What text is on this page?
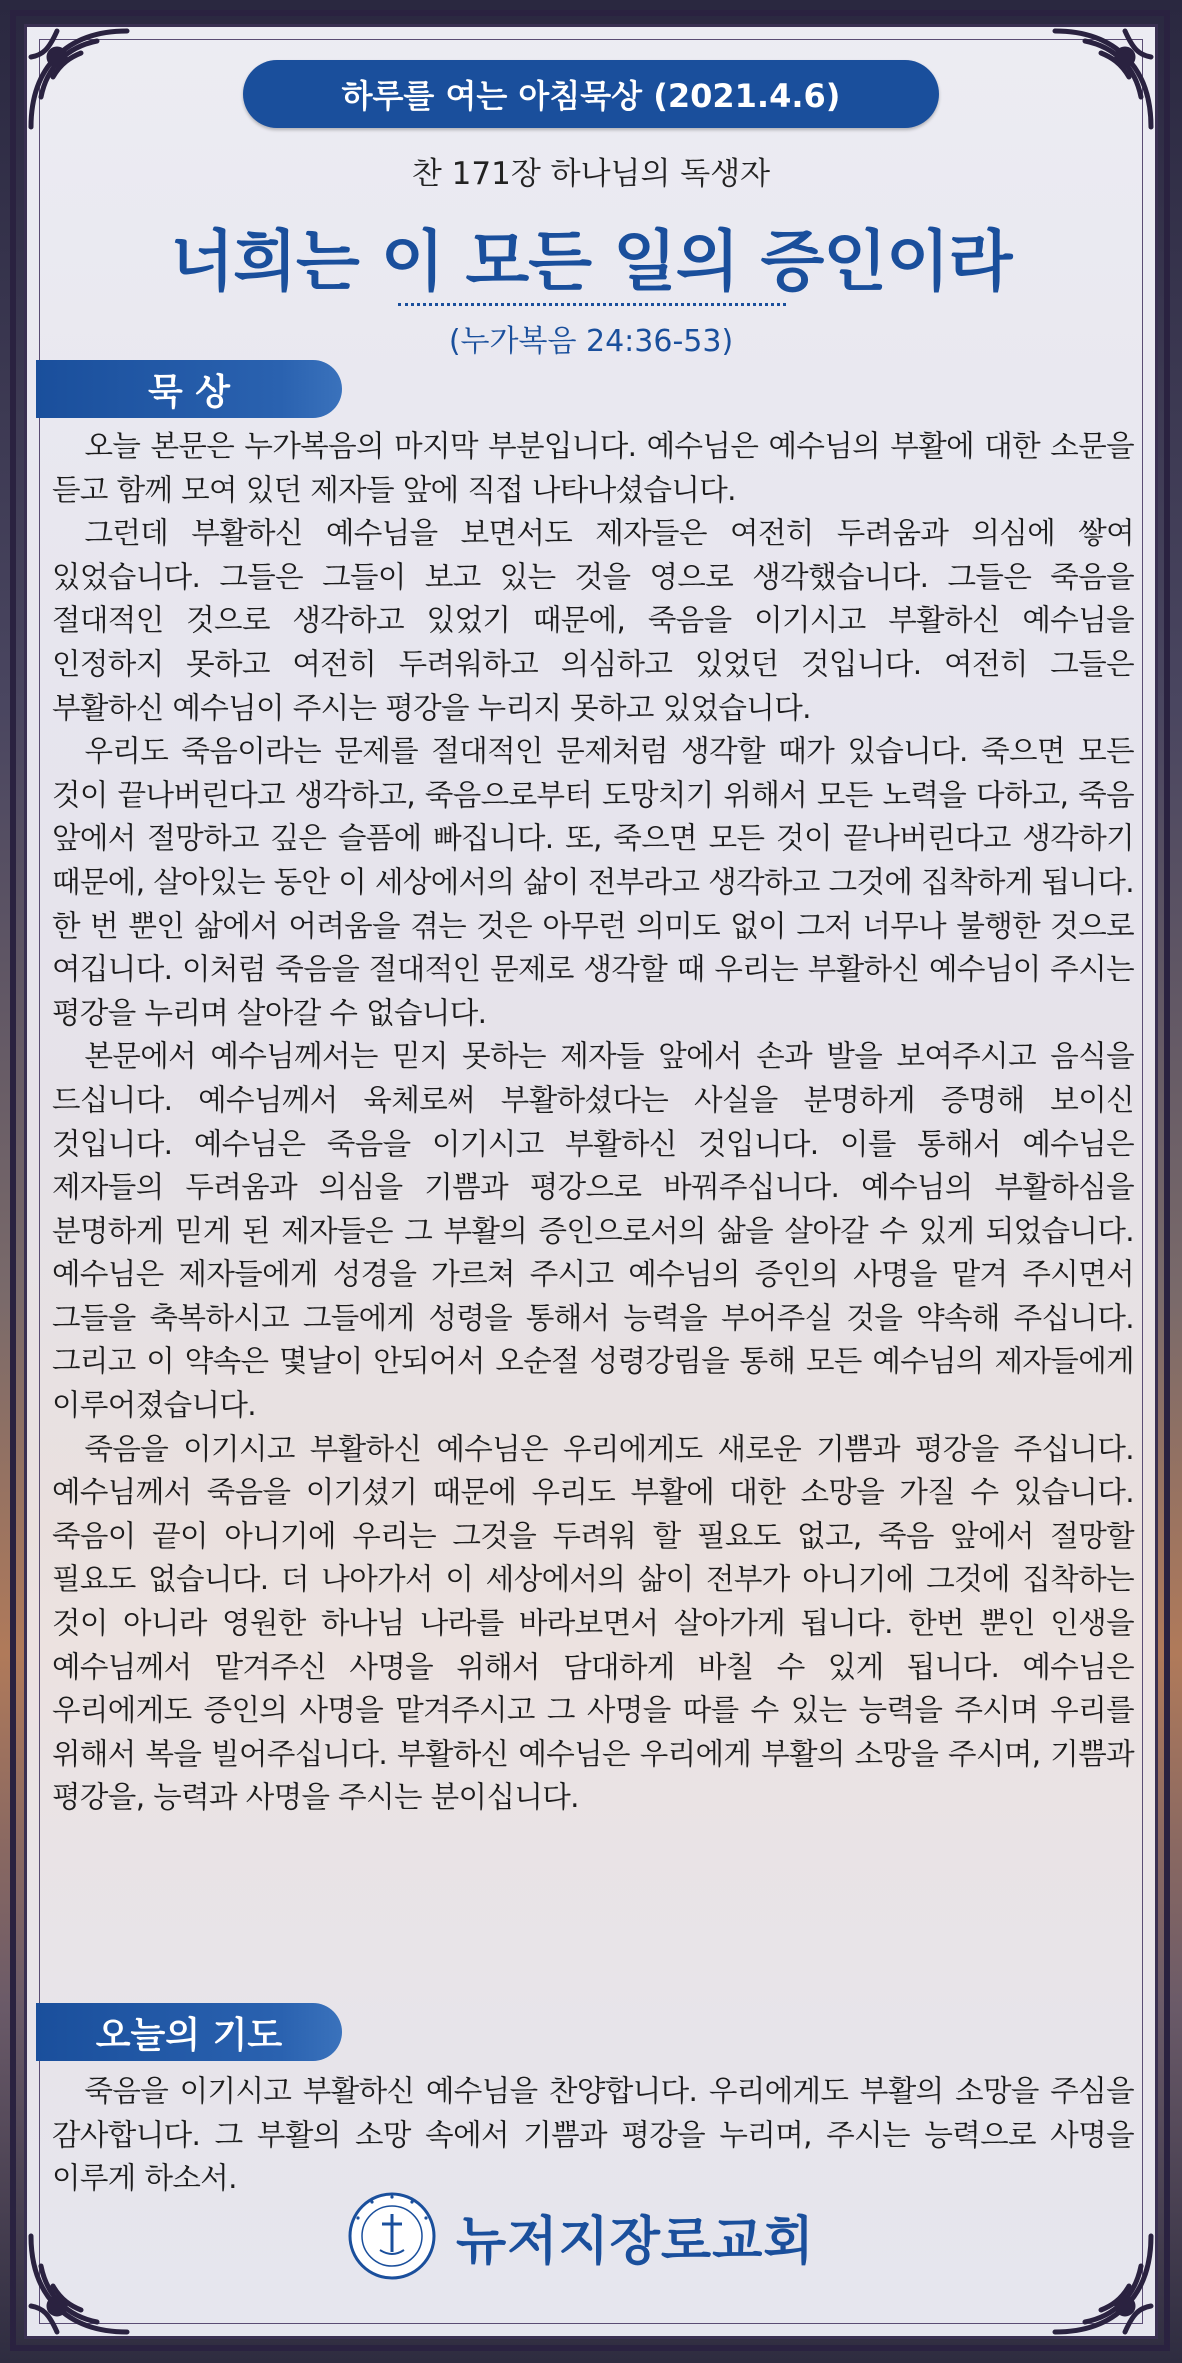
하루를 여는 아침묵상 (2021.4.6)
찬 171장 하나님의 독생자
너희는 이 모든 일의 증인이라
(누가복음 24:36-53)
묵 상

오늘 본문은 누가복음의 마지막 부분입니다. 예수님은 예수님의 부활에 대한 소문을 듣고 함께 모여 있던 제자들 앞에 직접 나타나셨습니다.

그런데 부활하신 예수님을 보면서도 제자들은 여전히 두려움과 의심에 쌓여 있었습니다. 그들은 그들이 보고 있는 것을 영으로 생각했습니다. 그들은 죽음을 절대적인 것으로 생각하고 있었기 때문에, 죽음을 이기시고 부활하신 예수님을 인정하지 못하고 여전히 두려워하고 의심하고 있었던 것입니다. 여전히 그들은 부활하신 예수님이 주시는 평강을 누리지 못하고 있었습니다.

우리도 죽음이라는 문제를 절대적인 문제처럼 생각할 때가 있습니다. 죽으면 모든 것이 끝나버린다고 생각하고, 죽음으로부터 도망치기 위해서 모든 노력을 다하고, 죽음 앞에서 절망하고 깊은 슬픔에 빠집니다. 또, 죽으면 모든 것이 끝나버린다고 생각하기 때문에, 살아있는 동안 이 세상에서의 삶이 전부라고 생각하고 그것에 집착하게 됩니다. 한 번 뿐인 삶에서 어려움을 겪는 것은 아무런 의미도 없이 그저 너무나 불행한 것으로 여깁니다. 이처럼 죽음을 절대적인 문제로 생각할 때 우리는 부활하신 예수님이 주시는 평강을 누리며 살아갈 수 없습니다.

본문에서 예수님께서는 믿지 못하는 제자들 앞에서 손과 발을 보여주시고 음식을 드십니다. 예수님께서 육체로써 부활하셨다는 사실을 분명하게 증명해 보이신 것입니다. 예수님은 죽음을 이기시고 부활하신 것입니다. 이를 통해서 예수님은 제자들의 두려움과 의심을 기쁨과 평강으로 바꿔주십니다. 예수님의 부활하심을 분명하게 믿게 된 제자들은 그 부활의 증인으로서의 삶을 살아갈 수 있게 되었습니다. 예수님은 제자들에게 성경을 가르쳐 주시고 예수님의 증인의 사명을 맡겨 주시면서 그들을 축복하시고 그들에게 성령을 통해서 능력을 부어주실 것을 약속해 주십니다. 그리고 이 약속은 몇날이 안되어서 오순절 성령강림을 통해 모든 예수님의 제자들에게 이루어졌습니다.

죽음을 이기시고 부활하신 예수님은 우리에게도 새로운 기쁨과 평강을 주십니다. 예수님께서 죽음을 이기셨기 때문에 우리도 부활에 대한 소망을 가질 수 있습니다. 죽음이 끝이 아니기에 우리는 그것을 두려워 할 필요도 없고, 죽음 앞에서 절망할 필요도 없습니다. 더 나아가서 이 세상에서의 삶이 전부가 아니기에 그것에 집착하는 것이 아니라 영원한 하나님 나라를 바라보면서 살아가게 됩니다. 한번 뿐인 인생을 예수님께서 맡겨주신 사명을 위해서 담대하게 바칠 수 있게 됩니다. 예수님은 우리에게도 증인의 사명을 맡겨주시고 그 사명을 따를 수 있는 능력을 주시며 우리를 위해서 복을 빌어주십니다. 부활하신 예수님은 우리에게 부활의 소망을 주시며, 기쁨과 평강을, 능력과 사명을 주시는 분이십니다.

오늘의 기도

죽음을 이기시고 부활하신 예수님을 찬양합니다. 우리에게도 부활의 소망을 주심을 감사합니다. 그 부활의 소망 속에서 기쁨과 평강을 누리며, 주시는 능력으로 사명을 이루게 하소서.

뉴저지장로교회
